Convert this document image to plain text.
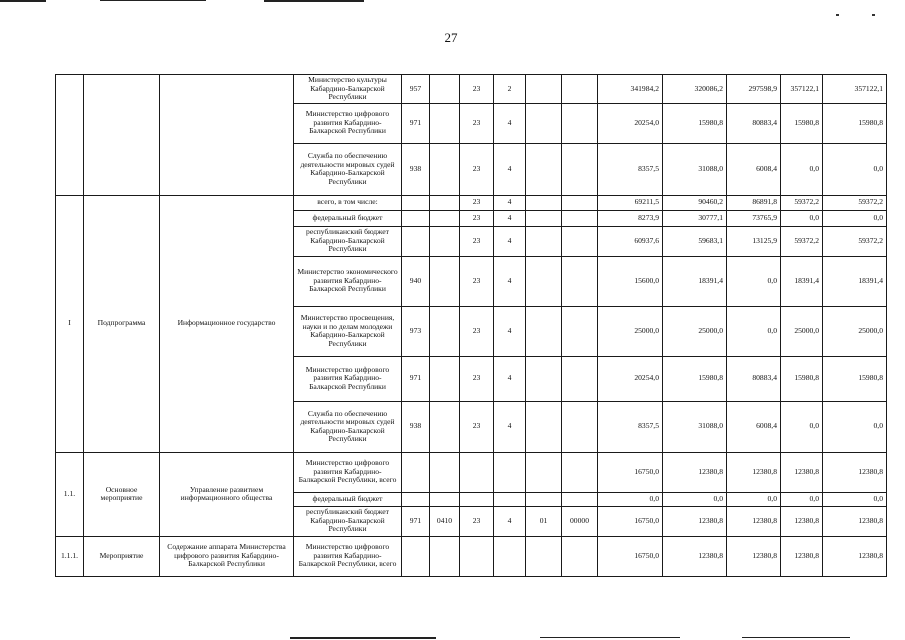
27
			Министерство культуры Кабардино-Балкарской Республики	957		23	2			341984,2	320086,2	297598,9	357122,1	357122,1
			Министерство цифрового развития Кабардино-Балкарской Республики	971		23	4			20254,0	15980,8	80883,4	15980,8	15980,8
			Служба по обеспечению деятельности мировых судей Кабардино-Балкарской Республики	938		23	4			8357,5	31088,0	6008,4	0,0	0,0
I	Подпрограмма	Информационное государство	всего, в том числе:			23	4			69211,5	90460,2	86891,8	59372,2	59372,2
			федеральный бюджет			23	4			8273,9	30777,1	73765,9	0,0	0,0
			республиканский бюджет Кабардино-Балкарской Республики			23	4			60937,6	59683,1	13125,9	59372,2	59372,2
			Министерство экономического развития Кабардино-Балкарской Республики	940		23	4			15600,0	18391,4	0,0	18391,4	18391,4
			Министерство просвещения, науки и по делам молодежи Кабардино-Балкарской Республики	973		23	4			25000,0	25000,0	0,0	25000,0	25000,0
			Министерство цифрового развития Кабардино-Балкарской Республики	971		23	4			20254,0	15980,8	80883,4	15980,8	15980,8
			Служба по обеспечению деятельности мировых судей Кабардино-Балкарской Республики	938		23	4			8357,5	31088,0	6008,4	0,0	0,0
1.1.	Основное мероприятие	Управление развитием информационного общества	Министерство цифрового развития Кабардино-Балкарской Республики, всего							16750,0	12380,8	12380,8	12380,8	12380,8
			федеральный бюджет							0,0	0,0	0,0	0,0	0,0
			республиканский бюджет Кабардино-Балкарской Республики	971	0410	23	4	01	00000	16750,0	12380,8	12380,8	12380,8	12380,8
1.1.1.	Мероприятие	Содержание аппарата Министерства цифрового развития Кабардино-Балкарской Республики	Министерство цифрового развития Кабардино-Балкарской Республики, всего							16750,0	12380,8	12380,8	12380,8	12380,8
